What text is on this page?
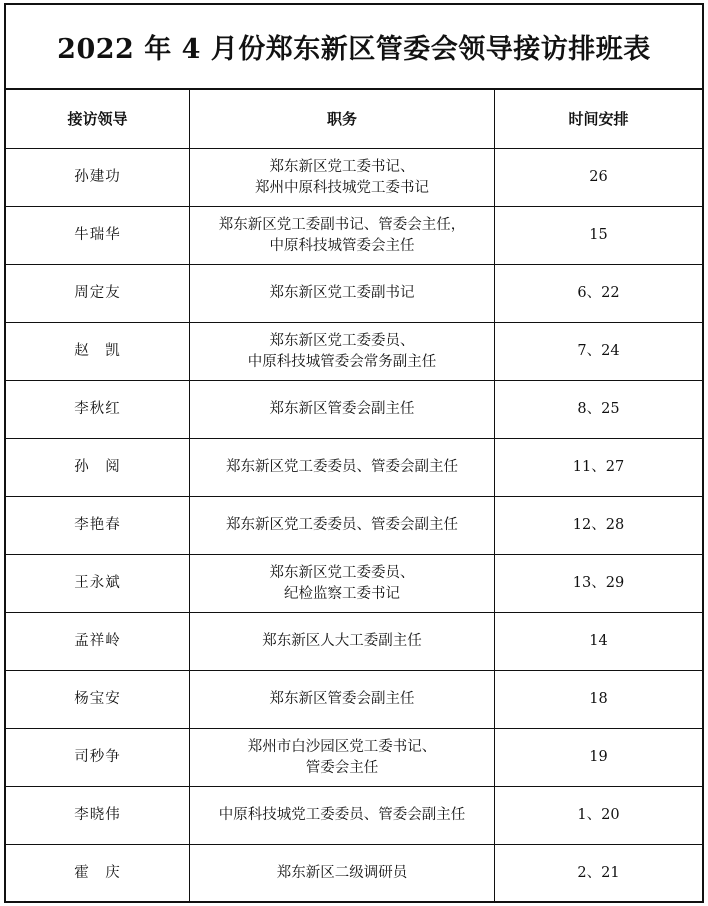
2022 年 4 月份郑东新区管委会领导接访排班表
接访领导	职务	时间安排
孙建功	郑东新区党工委书记、
郑州中原科技城党工委书记	26
牛瑞华	郑东新区党工委副书记、管委会主任，
中原科技城管委会主任	15
周定友	郑东新区党工委副书记	6、22
赵　凯	郑东新区党工委委员、
中原科技城管委会常务副主任	7、24
李秋红	郑东新区管委会副主任	8、25
孙　阅	郑东新区党工委委员、管委会副主任	11、27
李艳春	郑东新区党工委委员、管委会副主任	12、28
王永斌	郑东新区党工委委员、
纪检监察工委书记	13、29
孟祥岭	郑东新区人大工委副主任	14
杨宝安	郑东新区管委会副主任	18
司秒争	郑州市白沙园区党工委书记、
管委会主任	19
李晓伟	中原科技城党工委委员、管委会副主任	1、20
霍　庆	郑东新区二级调研员	2、21
